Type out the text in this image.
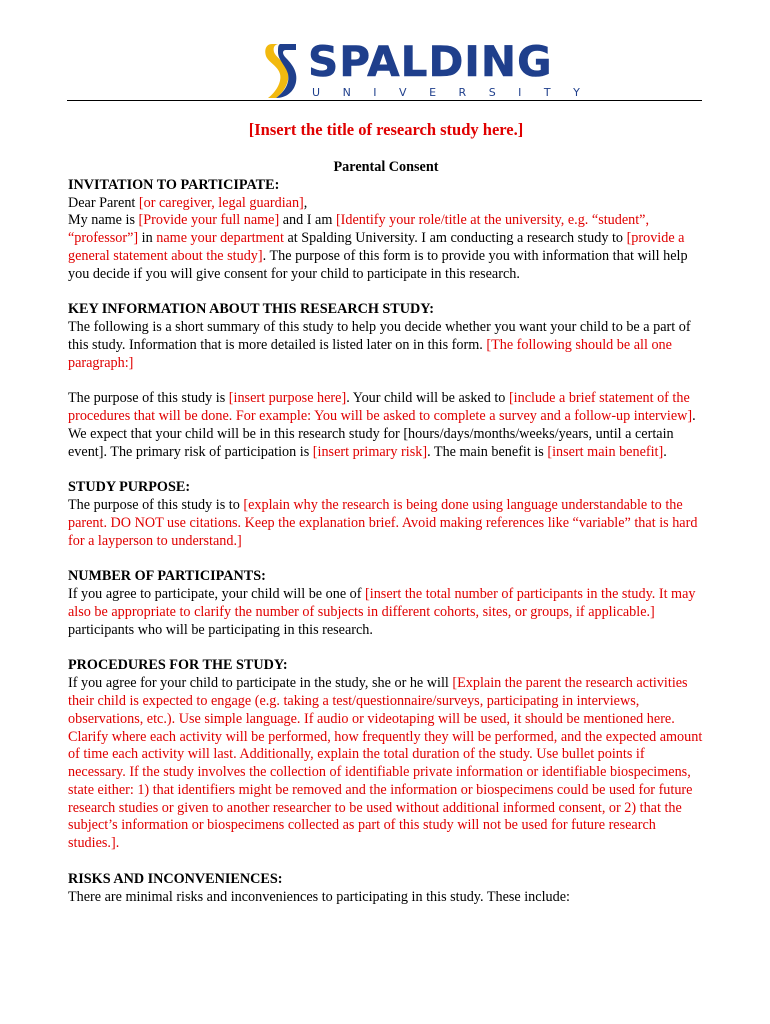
SPALDING
U N I V E R S I T Y

[Insert the title of research study here.]

Parental Consent

INVITATION TO PARTICIPATE:

Dear Parent [or caregiver, legal guardian],

My name is [Provide your full name] and I am [Identify your role/title at the university, e.g. “student”, “professor”] in name your department at Spalding University. I am conducting a research study to [provide a general statement about the study]. The purpose of this form is to provide you with information that will help you decide if you will give consent for your child to participate in this research.

KEY INFORMATION ABOUT THIS RESEARCH STUDY:

The following is a short summary of this study to help you decide whether you want your child to be a part of this study. Information that is more detailed is listed later on in this form. [The following should be all one paragraph:]

The purpose of this study is [insert purpose here]. Your child will be asked to [include a brief statement of the procedures that will be done. For example: You will be asked to complete a survey and a follow-up interview]. We expect that your child will be in this research study for [hours/days/months/weeks/years, until a certain event]. The primary risk of participation is [insert primary risk]. The main benefit is [insert main benefit].

STUDY PURPOSE:

The purpose of this study is to [explain why the research is being done using language understandable to the parent. DO NOT use citations. Keep the explanation brief. Avoid making references like “variable” that is hard for a layperson to understand.]

NUMBER OF PARTICIPANTS:

If you agree to participate, your child will be one of [insert the total number of participants in the study. It may also be appropriate to clarify the number of subjects in different cohorts, sites, or groups, if applicable.] participants who will be participating in this research.

PROCEDURES FOR THE STUDY:

If you agree for your child to participate in the study, she or he will [Explain the parent the research activities their child is expected to engage (e.g. taking a test/questionnaire/surveys, participating in interviews, observations, etc.). Use simple language. If audio or videotaping will be used, it should be mentioned here. Clarify where each activity will be performed, how frequently they will be performed, and the expected amount of time each activity will last. Additionally, explain the total duration of the study. Use bullet points if necessary. If the study involves the collection of identifiable private information or identifiable biospecimens, state either: 1) that identifiers might be removed and the information or biospecimens could be used for future research studies or given to another researcher to be used without additional informed consent, or 2) that the subject’s information or biospecimens collected as part of this study will not be used for future research studies.].

RISKS AND INCONVENIENCES:

There are minimal risks and inconveniences to participating in this study. These include:
